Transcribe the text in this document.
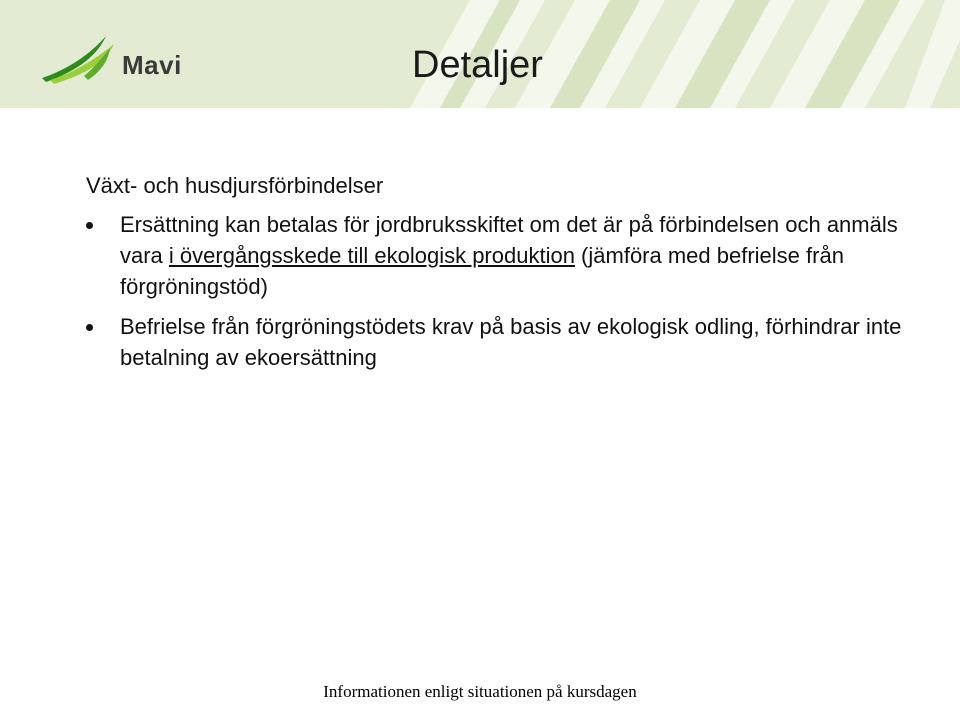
Mavi	Detaljer

Växt- och husdjursförbindelser

Ersättning kan betalas för jordbruksskiftet om det är på förbindelsen och anmäls vara i övergångsskede till ekologisk produktion (jämföra med befrielse från förgröningstöd)
Befrielse från förgröningstödets krav på basis av ekologisk odling, förhindrar inte betalning av ekoersättning
Informationen enligt situationen på kursdagen
